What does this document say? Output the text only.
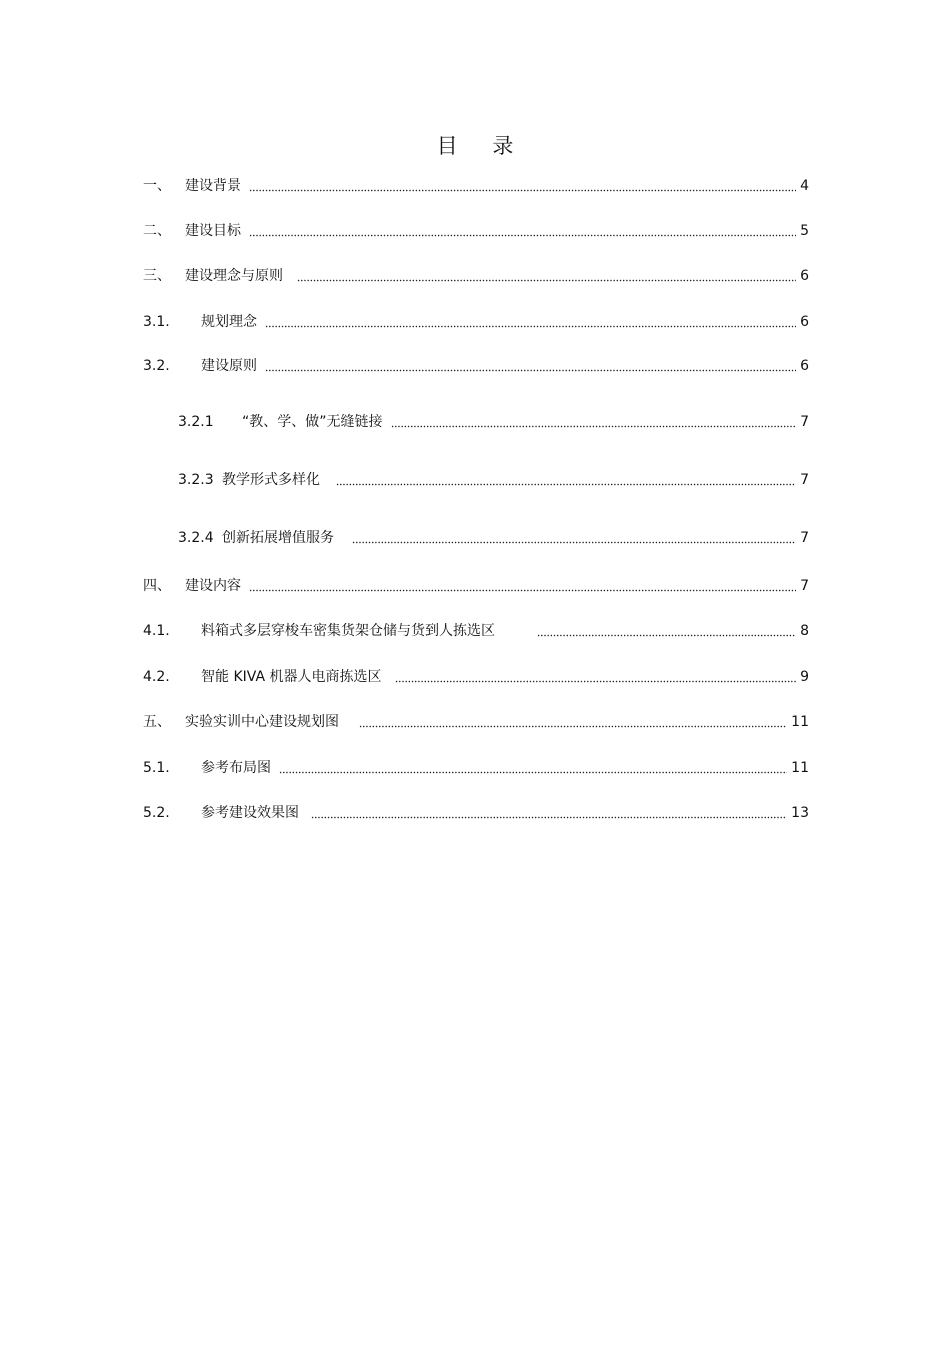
目 录
一、	建设背景	4
二、	建设目标	5
三、	建设理念与原则	6
3.1.	规划理念	6
3.2.	建设原则	6
3.2.1	“教、学、做”无缝链接	7
3.2.3 教学形式多样化	7
3.2.4 创新拓展增值服务	7
四、	建设内容	7
4.1.	料箱式多层穿梭车密集货架仓储与货到人拣选区	8
4.2.	智能 KIVA 机器人电商拣选区	9
五、	实验实训中心建设规划图	11
5.1.	参考布局图	11
5.2.	参考建设效果图	13
